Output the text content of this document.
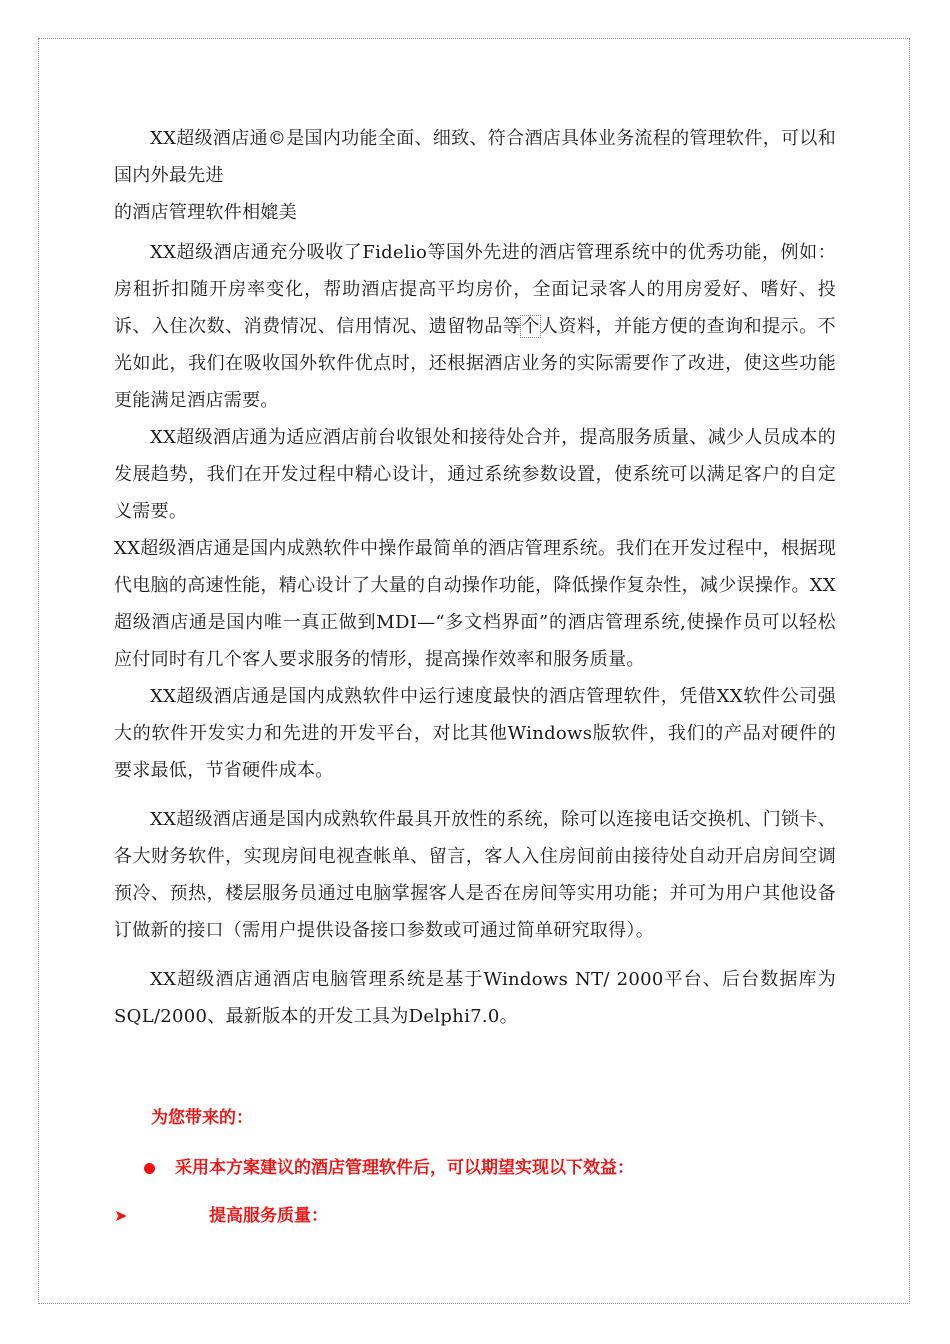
XX超级酒店通©是国内功能全面、细致、符合酒店具体业务流程的管理软件，可以和国内外最先进

的酒店管理软件相媲美

XX超级酒店通充分吸收了Fidelio等国外先进的酒店管理系统中的优秀功能，例如：房租折扣随开房率变化，帮助酒店提高平均房价，全面记录客人的用房爱好、嗜好、投诉、入住次数、消费情况、信用情况、遗留物品等个人资料，并能方便的查询和提示。不光如此，我们在吸收国外软件优点时，还根据酒店业务的实际需要作了改进，使这些功能更能满足酒店需要。

XX超级酒店通为适应酒店前台收银处和接待处合并，提高服务质量、减少人员成本的发展趋势，我们在开发过程中精心设计，通过系统参数设置，使系统可以满足客户的自定义需要。

XX超级酒店通是国内成熟软件中操作最简单的酒店管理系统。我们在开发过程中，根据现代电脑的高速性能，精心设计了大量的自动操作功能，降低操作复杂性，减少误操作。XX超级酒店通是国内唯一真正做到MDI—“多文档界面”的酒店管理系统,使操作员可以轻松应付同时有几个客人要求服务的情形，提高操作效率和服务质量。

XX超级酒店通是国内成熟软件中运行速度最快的酒店管理软件，凭借XX软件公司强大的软件开发实力和先进的开发平台，对比其他Windows版软件，我们的产品对硬件的要求最低，节省硬件成本。

XX超级酒店通是国内成熟软件最具开放性的系统，除可以连接电话交换机、门锁卡、各大财务软件，实现房间电视查帐单、留言，客人入住房间前由接待处自动开启房间空调预冷、预热，楼层服务员通过电脑掌握客人是否在房间等实用功能；并可为用户其他设备订做新的接口（需用户提供设备接口参数或可通过简单研究取得）。

XX超级酒店通酒店电脑管理系统是基于Windows NT/ 2000平台、后台数据库为SQL/2000、最新版本的开发工具为Delphi7.0。

为您带来的：

采用本方案建议的酒店管理软件后，可以期望实现以下效益：

➤	提高服务质量：
